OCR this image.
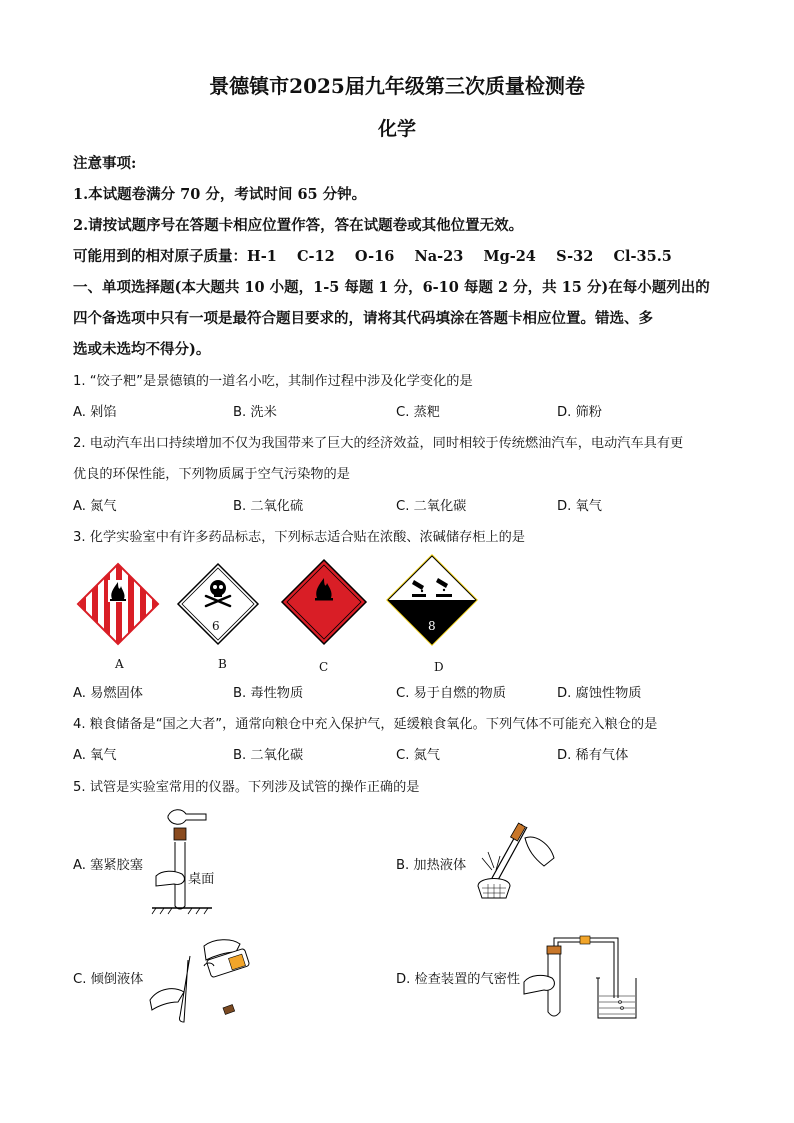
景德镇市2025届九年级第三次质量检测卷
化学
注意事项:
1.本试题卷满分 70 分，考试时间 65 分钟。
2.请按试题序号在答题卡相应位置作答，答在试题卷或其他位置无效。
可能用到的相对原子质量：H-1    C-12    O-16    Na-23    Mg-24    S-32    Cl-35.5
一、单项选择题(本大题共 10 小题，1-5 每题 1 分，6-10 每题 2 分，共 15 分)在每小题列出的
四个备选项中只有一项是最符合题目要求的，请将其代码填涂在答题卡相应位置。错选、多
选或未选均不得分)。
1. “饺子粑”是景德镇的一道名小吃，其制作过程中涉及化学变化的是
A. 剁馅	B. 洗米	C. 蒸粑	D. 筛粉
2. 电动汽车出口持续增加不仅为我国带来了巨大的经济效益，同时相较于传统燃油汽车，电动汽车具有更
优良的环保性能，下列物质属于空气污染物的是
A. 氮气	B. 二氧化硫	C. 二氧化碳	D. 氧气
3. 化学实验室中有许多药品标志，下列标志适合贴在浓酸、浓碱储存柜上的是
6	8
A	B	C	D
A. 易燃固体	B. 毒性物质	C. 易于自燃的物质	D. 腐蚀性物质
4. 粮食储备是“国之大者”，通常向粮仓中充入保护气，延缓粮食氧化。下列气体不可能充入粮仓的是
A. 氧气	B. 二氧化碳	C. 氮气	D. 稀有气体
5. 试管是实验室常用的仪器。下列涉及试管的操作正确的是
A. 塞紧胶塞	B. 加热液体
C. 倾倒液体	D. 检查装置的气密性
桌面
